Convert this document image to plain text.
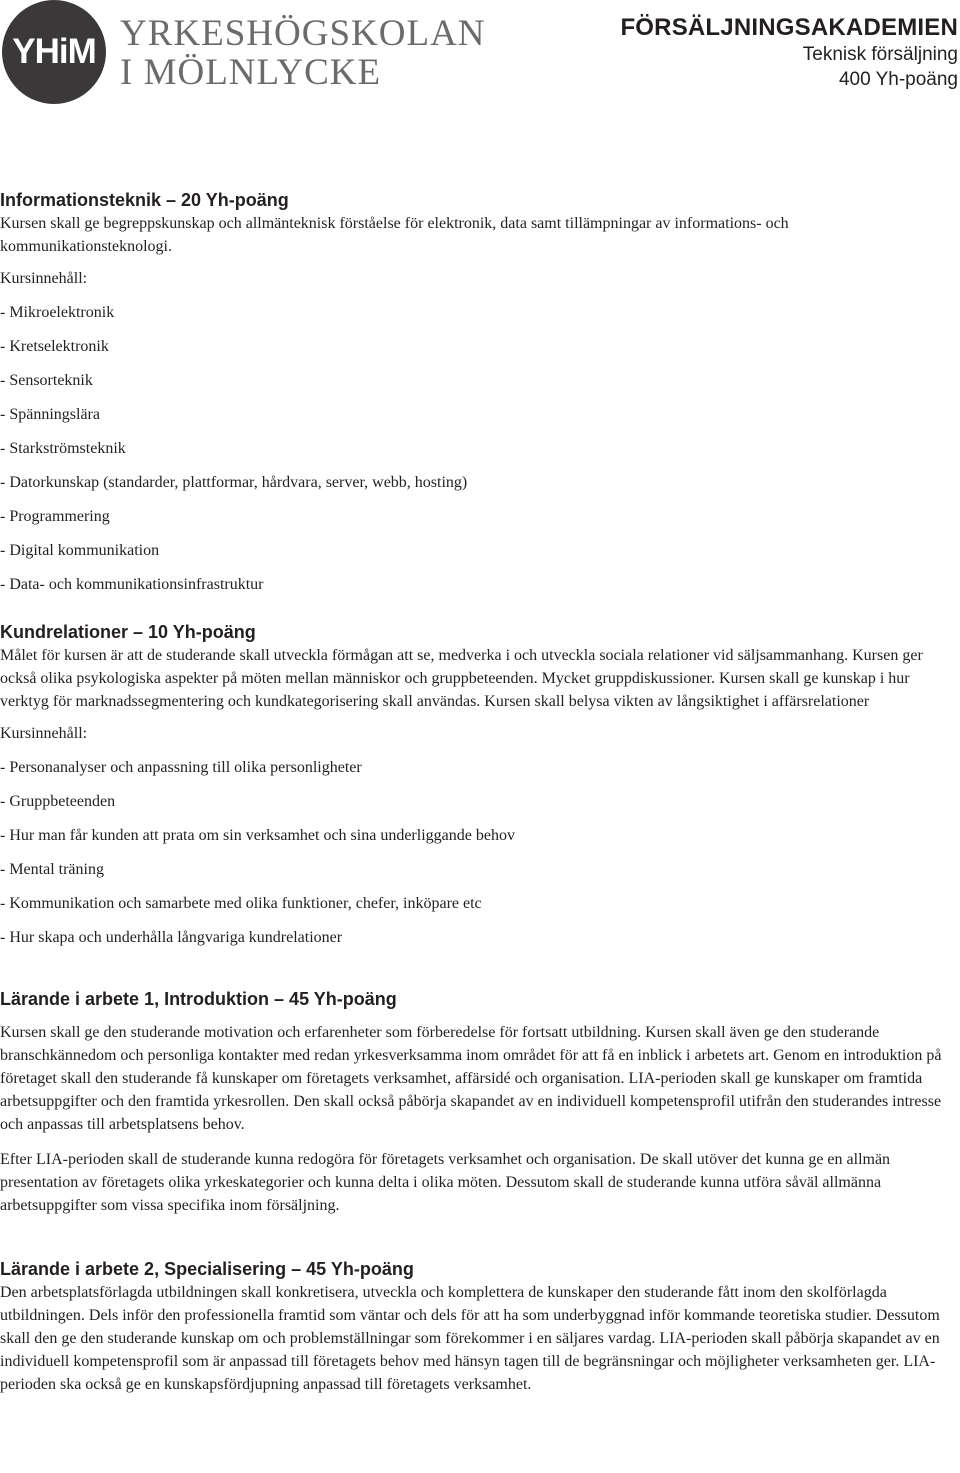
YHiM YRKESHÖGSKOLAN
I MÖLNLYCKE
FÖRSÄLJNINGSAKADEMIEN
Teknisk försäljning
400 Yh-poäng
Informationsteknik – 20 Yh-poäng

Kursen skall ge begreppskunskap och allmänteknisk förståelse för elektronik, data samt tillämpningar av informations- och kommunikationsteknologi.

Kursinnehåll:
- Mikroelektronik
- Kretselektronik
- Sensorteknik
- Spänningslära
- Starkströmsteknik
- Datorkunskap (standarder, plattformar, hårdvara, server, webb, hosting)
- Programmering
- Digital kommunikation
- Data- och kommunikationsinfrastruktur
Kundrelationer – 10 Yh-poäng

Målet för kursen är att de studerande skall utveckla förmågan att se, medverka i och utveckla sociala relationer vid säljsammanhang. Kursen ger också olika psykologiska aspekter på möten mellan människor och gruppbeteenden. Mycket gruppdiskussioner. Kursen skall ge kunskap i hur verktyg för marknadssegmentering och kundkategorisering skall användas. Kursen skall belysa vikten av långsiktighet i affärsrelationer

Kursinnehåll:
- Personanalyser och anpassning till olika personligheter
- Gruppbeteenden
- Hur man får kunden att prata om sin verksamhet och sina underliggande behov
- Mental träning
- Kommunikation och samarbete med olika funktioner, chefer, inköpare etc
- Hur skapa och underhålla långvariga kundrelationer
Lärande i arbete 1, Introduktion – 45 Yh-poäng

Kursen skall ge den studerande motivation och erfarenheter som förberedelse för fortsatt utbildning. Kursen skall även ge den studerande branschkännedom och personliga kontakter med redan yrkesverksamma inom området för att få en inblick i arbetets art. Genom en introduktion på företaget skall den studerande få kunskaper om företagets verksamhet, affärsidé och organisation. LIA-perioden skall ge kunskaper om framtida arbetsuppgifter och den framtida yrkesrollen. Den skall också påbörja skapandet av en individuell kompetensprofil utifrån den studerandes intresse och anpassas till arbetsplatsens behov.

Efter LIA-perioden skall de studerande kunna redogöra för företagets verksamhet och organisation. De skall utöver det kunna ge en allmän presentation av företagets olika yrkeskategorier och kunna delta i olika möten. Dessutom skall de studerande kunna utföra såväl allmänna arbetsuppgifter som vissa specifika inom försäljning.

Lärande i arbete 2, Specialisering – 45 Yh-poäng

Den arbetsplatsförlagda utbildningen skall konkretisera, utveckla och komplettera de kunskaper den studerande fått inom den skolförlagda utbildningen. Dels inför den professionella framtid som väntar och dels för att ha som underbyggnad inför kommande teoretiska studier. Dessutom skall den ge den studerande kunskap om och problemställningar som förekommer i en säljares vardag. LIA-perioden skall påbörja skapandet av en individuell kompetensprofil som är anpassad till företagets behov med hänsyn tagen till de begränsningar och möjligheter verksamheten ger. LIA-perioden ska också ge en kunskapsfördjupning anpassad till företagets verksamhet.
